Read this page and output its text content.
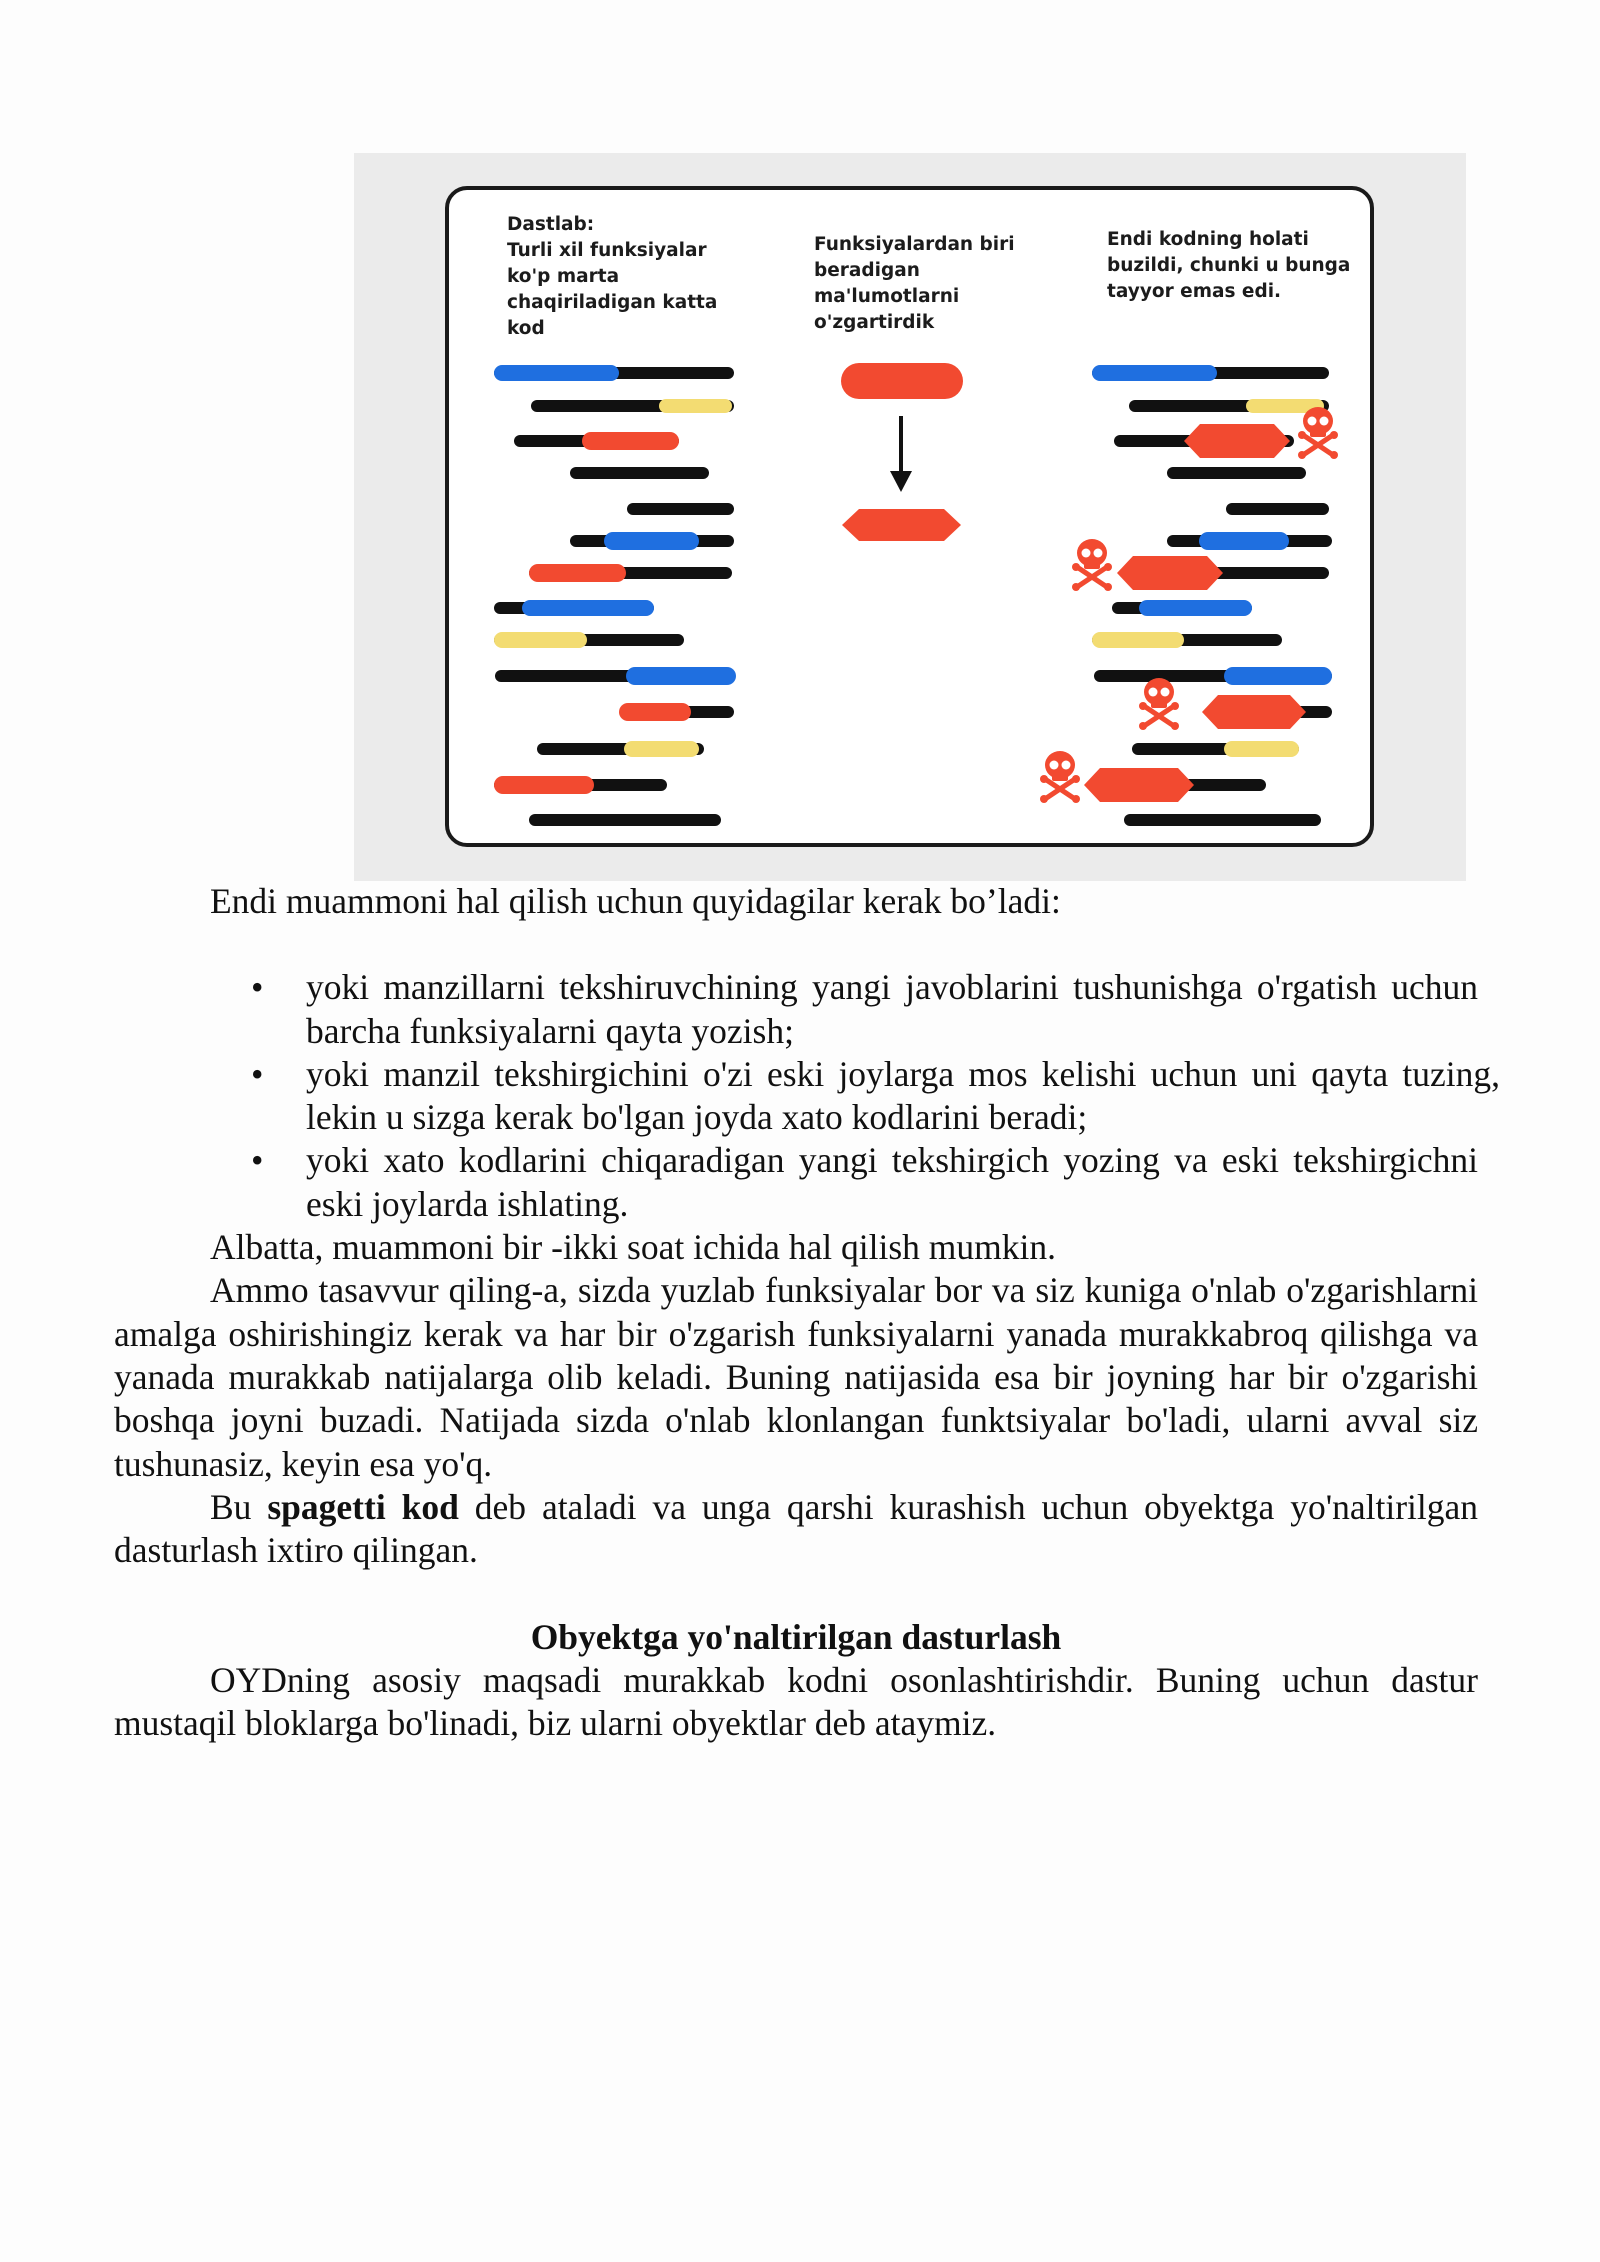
Dastlab:
Turli xil funksiyalar
ko'p marta
chaqiriladigan katta
kod
Funksiyalardan biri
beradigan
ma'lumotlarni
o'zgartirdik
Endi kodning holati
buzildi, chunki u bunga
tayyor emas edi.

Endi muammoni hal qilish uchun quyidagilar kerak bo’ladi:

• yoki manzillarni tekshiruvchining yangi javoblarini tushunishga o'rgatish uchun barcha funksiyalarni qayta yozish;
• yoki manzil tekshirgichini o'zi eski joylarga mos kelishi uchun uni qayta tuzing, lekin u sizga kerak bo'lgan joyda xato kodlarini beradi;
• yoki xato kodlarini chiqaradigan yangi tekshirgich yozing va eski tekshirgichni eski joylarda ishlating.

Albatta, muammoni bir -ikki soat ichida hal qilish mumkin.

Ammo tasavvur qiling-a, sizda yuzlab funksiyalar bor va siz kuniga o'nlab o'zgarishlarni amalga oshirishingiz kerak va har bir o'zgarish funksiyalarni yanada murakkabroq qilishga va yanada murakkab natijalarga olib keladi. Buning natijasida esa bir joyning har bir o'zgarishi boshqa joyni buzadi. Natijada sizda o'nlab klonlangan funktsiyalar bo'ladi, ularni avval siz tushunasiz, keyin esa yo'q.

Bu spagetti kod deb ataladi va unga qarshi kurashish uchun obyektga yo'naltirilgan dasturlash ixtiro qilingan.

Obyektga yo'naltirilgan dasturlash

OYDning asosiy maqsadi murakkab kodni osonlashtirishdir. Buning uchun dastur mustaqil bloklarga bo'linadi, biz ularni obyektlar deb ataymiz.
